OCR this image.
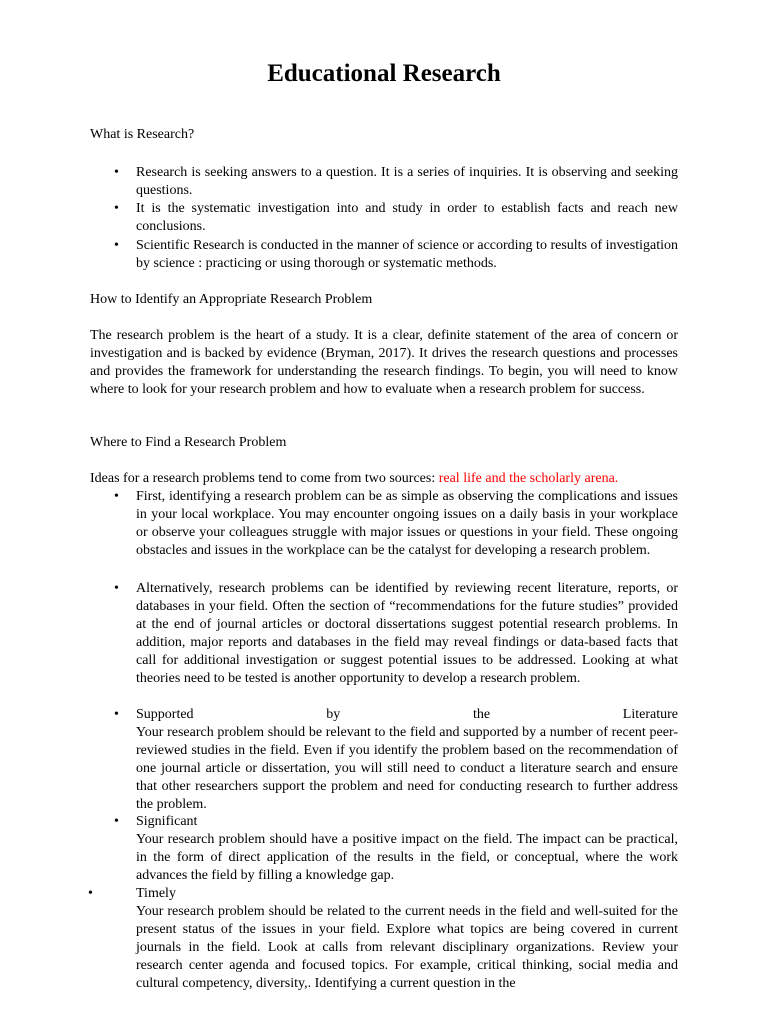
Educational Research

What is Research?

• Research is seeking answers to a question. It is a series of inquiries. It is observing and seeking questions.
• It is the systematic investigation into and study in order to establish facts and reach new conclusions.
• Scientific Research is conducted in the manner of science or according to results of investigation by science : practicing or using thorough or systematic methods.

How to Identify an Appropriate Research Problem

The research problem is the heart of a study. It is a clear, definite statement of the area of concern or investigation and is backed by evidence (Bryman, 2017). It drives the research questions and processes and provides the framework for understanding the research findings. To begin, you will need to know where to look for your research problem and how to evaluate when a research problem for success.

Where to Find a Research Problem

Ideas for a research problems tend to come from two sources: real life and the scholarly arena.

• First, identifying a research problem can be as simple as observing the complications and issues in your local workplace. You may encounter ongoing issues on a daily basis in your workplace or observe your colleagues struggle with major issues or questions in your field. These ongoing obstacles and issues in the workplace can be the catalyst for developing a research problem.
• Alternatively, research problems can be identified by reviewing recent literature, reports, or databases in your field. Often the section of “recommendations for the future studies” provided at the end of journal articles or doctoral dissertations suggest potential research problems. In addition, major reports and databases in the field may reveal findings or data-based facts that call for additional investigation or suggest potential issues to be addressed. Looking at what theories need to be tested is another opportunity to develop a research problem.
• Supported	by	the	Literature
Your research problem should be relevant to the field and supported by a number of recent peer-reviewed studies in the field. Even if you identify the problem based on the recommendation of one journal article or dissertation, you will still need to conduct a literature search and ensure that other researchers support the problem and need for conducting research to further address the problem.
• Significant
Your research problem should have a positive impact on the field. The impact can be practical, in the form of direct application of the results in the field, or conceptual, where the work advances the field by filling a knowledge gap.
•	Timely
Your research problem should be related to the current needs in the field and well-suited for the present status of the issues in your field. Explore what topics are being covered in current journals in the field. Look at calls from relevant disciplinary organizations. Review your research center agenda and focused topics. For example, critical thinking, social media and cultural competency, diversity,. Identifying a current question in the
